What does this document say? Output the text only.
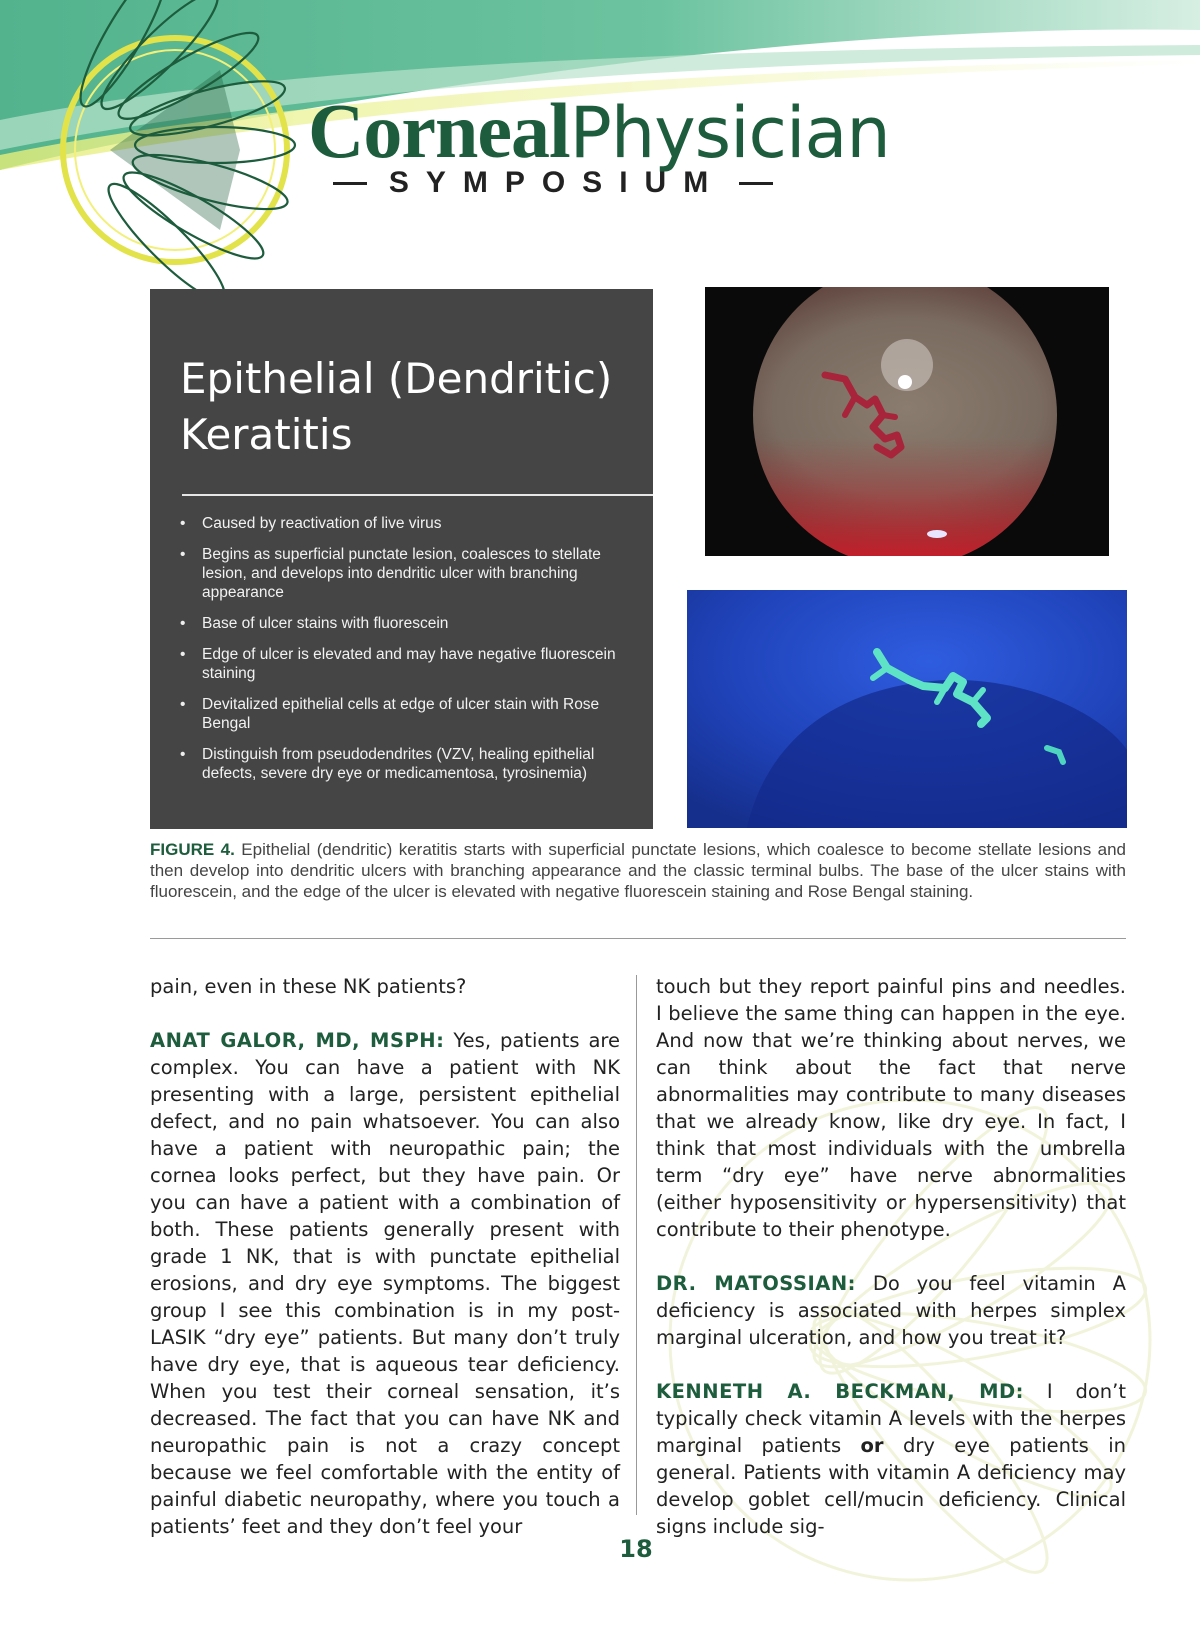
CornealPhysician
SYMPOSIUM
Epithelial (Dendritic) Keratitis
• Caused by reactivation of live virus
• Begins as superficial punctate lesion, coalesces to stellate lesion, and develops into dendritic ulcer with branching appearance
• Base of ulcer stains with fluorescein
• Edge of ulcer is elevated and may have negative fluorescein staining
• Devitalized epithelial cells at edge of ulcer stain with Rose Bengal
• Distinguish from pseudodendrites (VZV, healing epithelial defects, severe dry eye or medicamentosa, tyrosinemia)
FIGURE 4. Epithelial (dendritic) keratitis starts with superficial punctate lesions, which coalesce to become stellate lesions and then develop into dendritic ulcers with branching appearance and the classic terminal bulbs. The base of the ulcer stains with fluorescein, and the edge of the ulcer is elevated with negative fluorescein staining and Rose Bengal staining.

pain, even in these NK patients?

ANAT GALOR, MD, MSPH: Yes, patients are complex. You can have a patient with NK presenting with a large, persistent epithelial defect, and no pain whatsoever. You can also have a patient with neuropathic pain; the cornea looks perfect, but they have pain. Or you can have a patient with a combination of both. These patients generally present with grade 1 NK, that is with punctate epithelial erosions, and dry eye symptoms. The biggest group I see this combination is in my post-LASIK “dry eye” patients. But many don’t truly have dry eye, that is aqueous tear deficiency. When you test their corneal sensation, it’s decreased. The fact that you can have NK and neuropathic pain is not a crazy concept because we feel comfortable with the entity of painful diabetic neuropathy, where you touch a patients’ feet and they don’t feel your

touch but they report painful pins and needles. I believe the same thing can happen in the eye. And now that we’re thinking about nerves, we can think about the fact that nerve abnormalities may contribute to many diseases that we already know, like dry eye. In fact, I think that most individuals with the umbrella term “dry eye” have nerve abnormalities (either hyposensitivity or hypersensitivity) that contribute to their phenotype.

DR. MATOSSIAN: Do you feel vitamin A deficiency is associated with herpes simplex marginal ulceration, and how you treat it?

KENNETH A. BECKMAN, MD: I don’t typically check vitamin A levels with the herpes marginal patients or dry eye patients in general. Patients with vitamin A deficiency may develop goblet cell/mucin deficiency. Clinical signs include sig-

18
